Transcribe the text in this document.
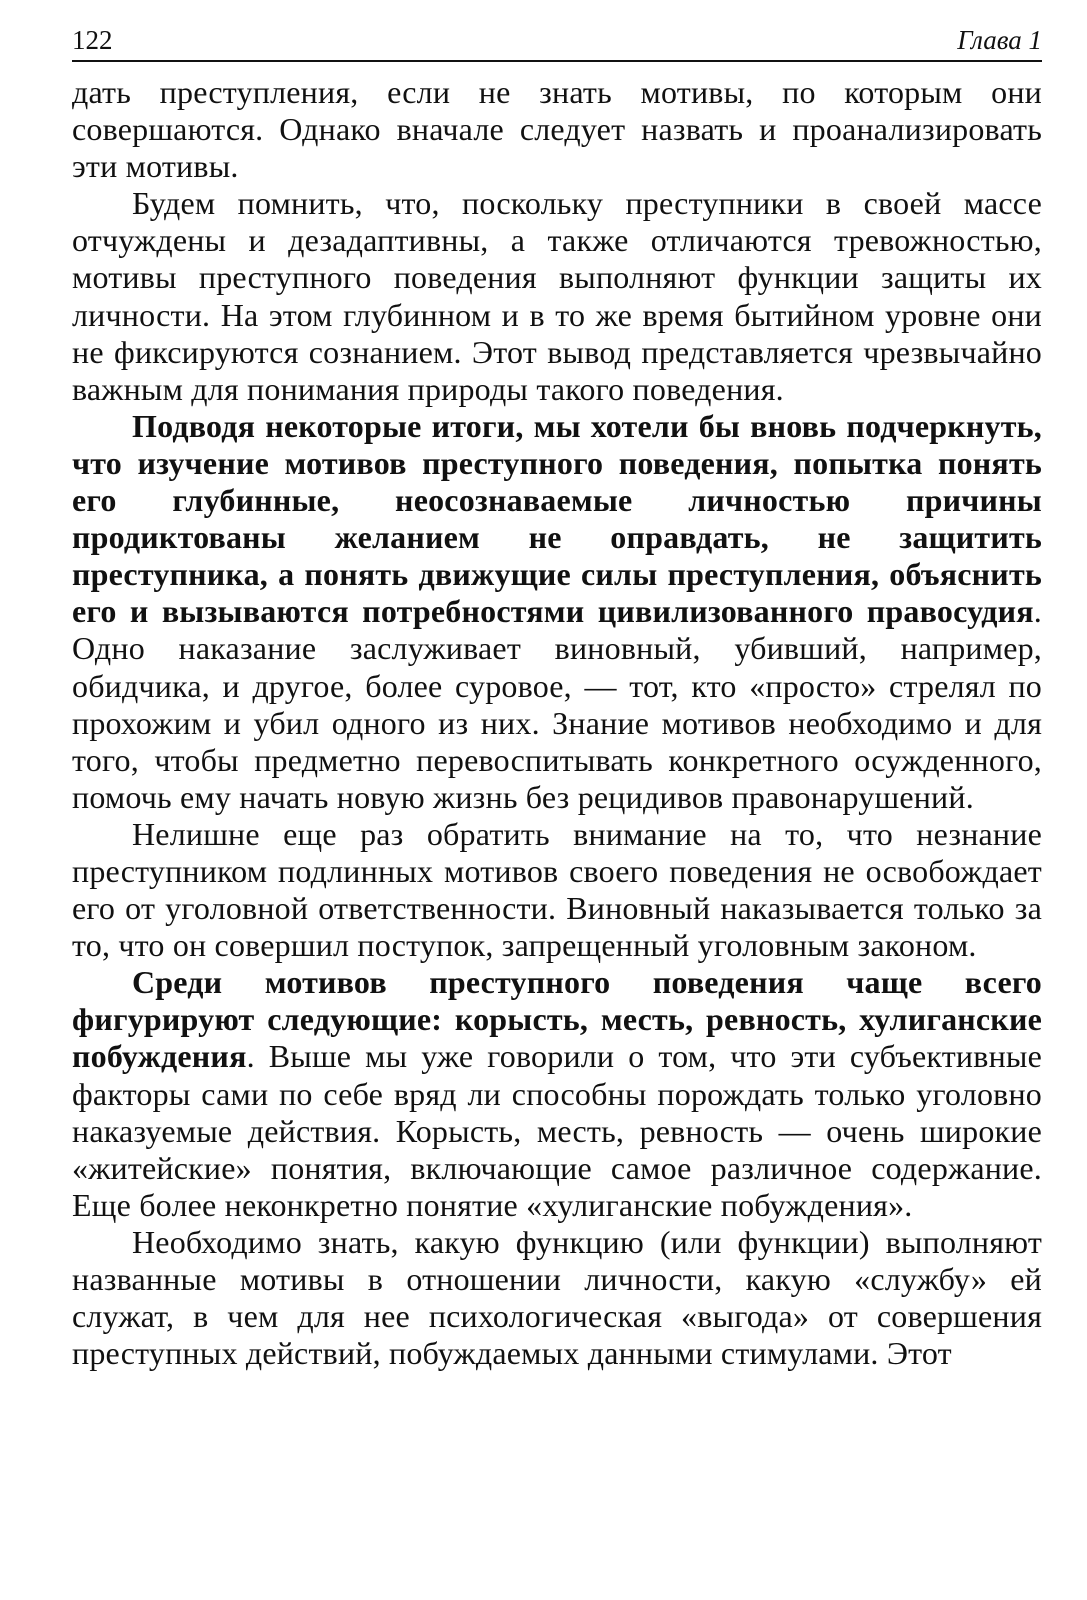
122	Глава 1

дать преступления, если не знать мотивы, по которым они совершаются. Однако вначале следует назвать и проанализировать эти мотивы.

Будем помнить, что, поскольку преступники в своей массе отчуждены и дезадаптивны, а также отличаются тревожностью, мотивы преступного поведения выполняют функции защиты их личности. На этом глубинном и в то же время бытийном уровне они не фиксируются сознанием. Этот вывод представляется чрезвычайно важным для понимания природы такого поведения.

Подводя некоторые итоги, мы хотели бы вновь подчеркнуть, что изучение мотивов преступного поведения, попытка понять его глубинные, неосознаваемые личностью причины продиктованы желанием не оправдать, не защитить преступника, а понять движущие силы преступления, объяснить его и вызываются потребностями цивилизованного правосудия. Одно наказание заслуживает виновный, убивший, например, обидчика, и другое, более суровое, — тот, кто «просто» стрелял по прохожим и убил одного из них. Знание мотивов необходимо и для того, чтобы предметно перевоспитывать конкретного осужденного, помочь ему начать новую жизнь без рецидивов правонарушений.

Нелишне еще раз обратить внимание на то, что незнание преступником подлинных мотивов своего поведения не освобождает его от уголовной ответственности. Виновный наказывается только за то, что он совершил поступок, запрещенный уголовным законом.

Среди мотивов преступного поведения чаще всего фигурируют следующие: корысть, месть, ревность, хулиганские побуждения. Выше мы уже говорили о том, что эти субъективные факторы сами по себе вряд ли способны порождать только уголовно наказуемые действия. Корысть, месть, ревность — очень широкие «житейские» понятия, включающие самое различное содержание. Еще более неконкретно понятие «хулиганские побуждения».

Необходимо знать, какую функцию (или функции) выполняют названные мотивы в отношении личности, какую «службу» ей служат, в чем для нее психологическая «выгода» от совершения преступных действий, побуждаемых данными стимулами. Этот
